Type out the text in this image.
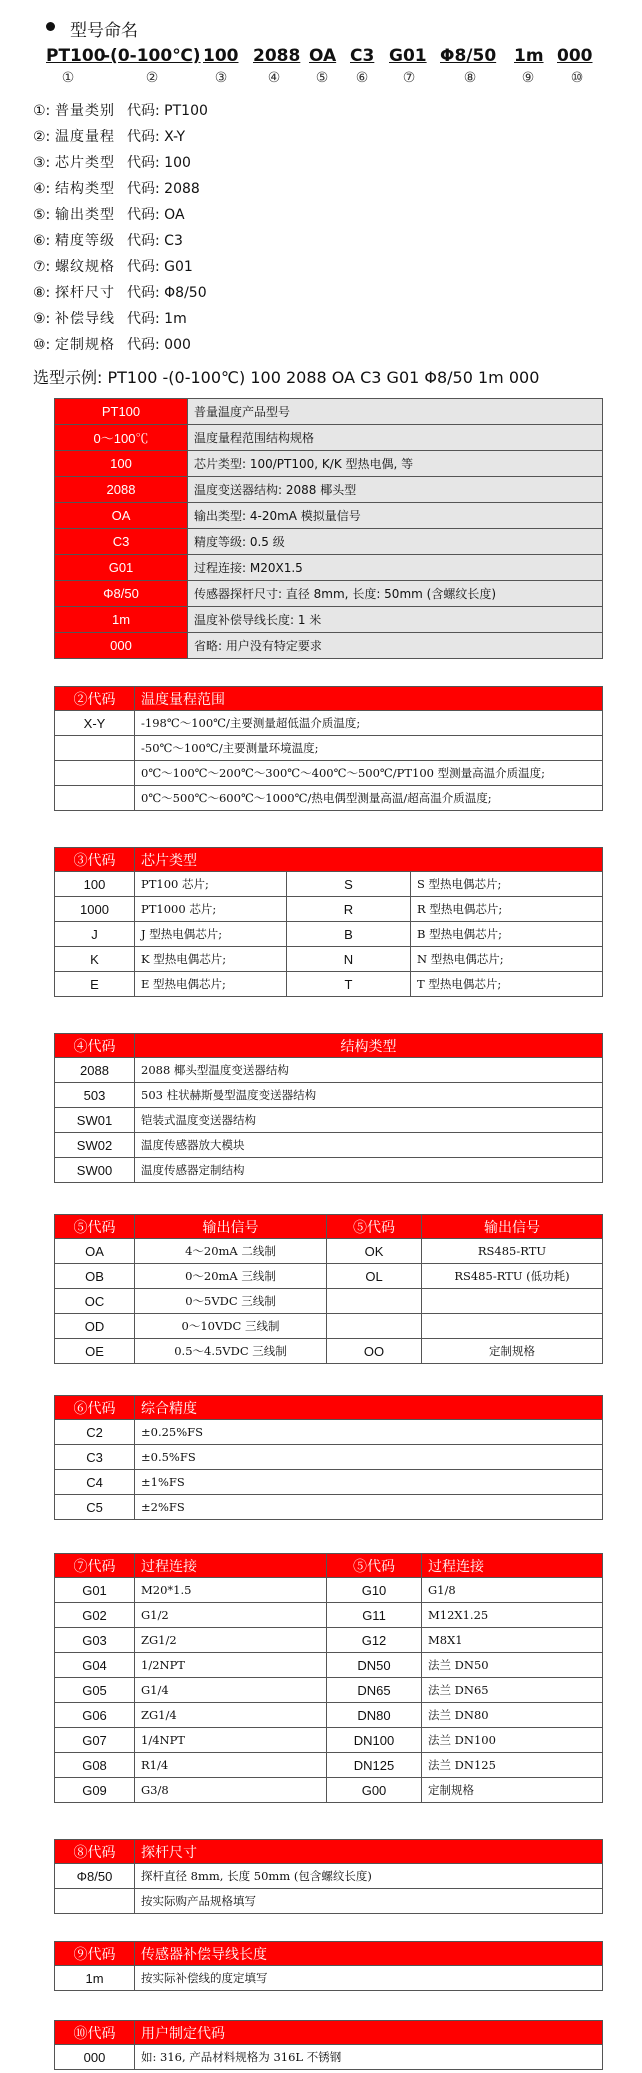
型号命名
PT100
-(0-100℃) 100 2088 OA C3 G01 Φ8/50 1m 000
①	②	③	④	⑤	⑥	⑦	⑧	⑨	⑩
①: 普量类别 代码: PT100
②: 温度量程 代码: X-Y
③: 芯片类型 代码: 100
④: 结构类型 代码: 2088
⑤: 输出类型 代码: OA
⑥: 精度等级 代码: C3
⑦: 螺纹规格 代码: G01
⑧: 探杆尺寸 代码: Φ8/50
⑨: 补偿导线 代码: 1m
⑩: 定制规格 代码: 000
选型示例: PT100 -(0-100℃) 100 2088 OA C3 G01 Φ8/50 1m 000
PT100	普量温度产品型号
0～100℃	温度量程范围结构规格
100	芯片类型: 100/PT100, K/K 型热电偶, 等
2088	温度变送器结构: 2088 椰头型
OA	输出类型: 4-20mA 模拟量信号
C3	精度等级: 0.5 级
G01	过程连接: M20X1.5
Φ8/50	传感器探杆尺寸: 直径 8mm, 长度: 50mm (含螺纹长度)
1m	温度补偿导线长度: 1 米
000	省略: 用户没有特定要求
②代码	温度量程范围
X-Y	-198℃～100℃/主要测量超低温介质温度;
	-50℃～100℃/主要测量环境温度;
	0℃～100℃～200℃～300℃～400℃～500℃/PT100 型测量高温介质温度;
	0℃～500℃～600℃～1000℃/热电偶型测量高温/超高温介质温度;
③代码	芯片类型		
100	PT100 芯片;	S	S 型热电偶芯片;
1000	PT1000 芯片;	R	R 型热电偶芯片;
J	J 型热电偶芯片;	B	B 型热电偶芯片;
K	K 型热电偶芯片;	N	N 型热电偶芯片;
E	E 型热电偶芯片;	T	T 型热电偶芯片;
④代码	结构类型
2088	2088 椰头型温度变送器结构
503	503 柱状赫斯曼型温度变送器结构
SW01	铠装式温度变送器结构
SW02	温度传感器放大模块
SW00	温度传感器定制结构
⑤代码	输出信号	⑤代码	输出信号
OA	4～20mA 二线制	OK	RS485-RTU
OB	0～20mA 三线制	OL	RS485-RTU (低功耗)
OC	0～5VDC 三线制		
OD	0～10VDC 三线制		
OE	0.5～4.5VDC 三线制	OO	定制规格
⑥代码	综合精度
C2	±0.25%FS
C3	±0.5%FS
C4	±1%FS
C5	±2%FS
⑦代码	过程连接	⑤代码	过程连接
G01	M20*1.5	G10	G1/8
G02	G1/2	G11	M12X1.25
G03	ZG1/2	G12	M8X1
G04	1/2NPT	DN50	法兰 DN50
G05	G1/4	DN65	法兰 DN65
G06	ZG1/4	DN80	法兰 DN80
G07	1/4NPT	DN100	法兰 DN100
G08	R1/4	DN125	法兰 DN125
G09	G3/8	G00	定制规格
⑧代码	探杆尺寸
Φ8/50	探杆直径 8mm, 长度 50mm (包含螺纹长度)
	按实际购产品规格填写
⑨代码	传感器补偿导线长度
1m	按实际补偿线的度定填写
⑩代码	用户制定代码
000	如: 316, 产品材料规格为 316L 不锈钢
